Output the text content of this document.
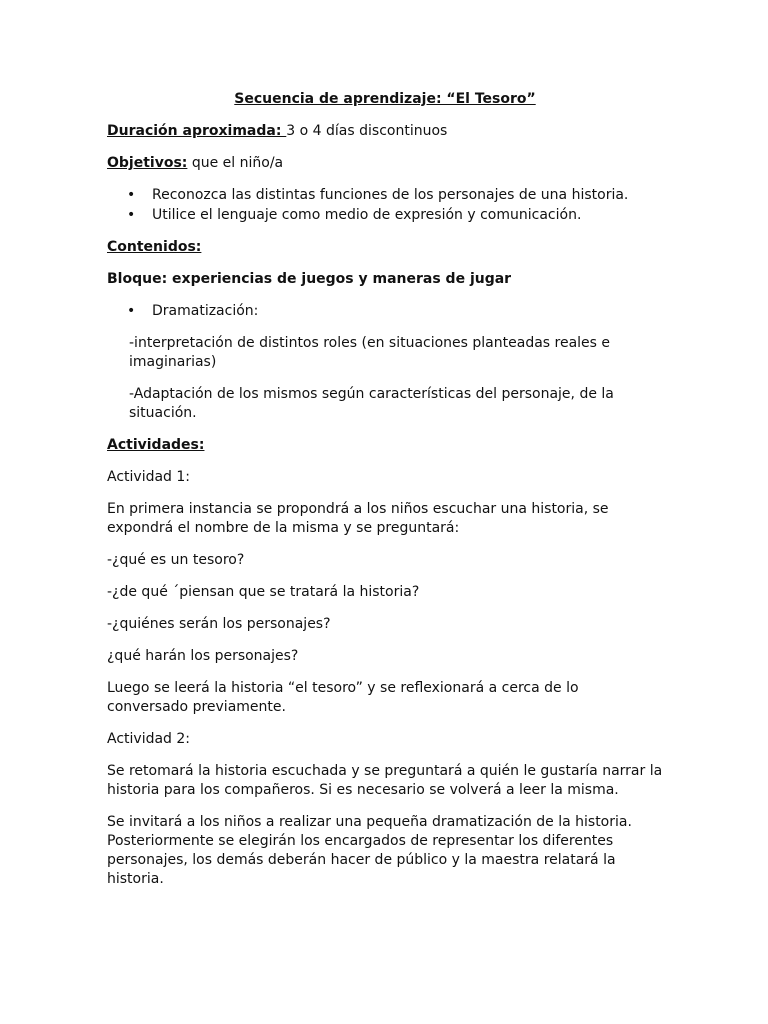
Secuencia de aprendizaje: “El Tesoro”

Duración aproximada: 3 o 4 días discontinuos

Objetivos: que el niño/a

• Reconozca las distintas funciones de los personajes de una historia.
• Utilice el lenguaje como medio de expresión y comunicación.

Contenidos:

Bloque: experiencias de juegos y maneras de jugar

• Dramatización:

-interpretación de distintos roles (en situaciones planteadas reales e imaginarias)

-Adaptación de los mismos según características del personaje, de la situación.

Actividades:

Actividad 1:

En primera instancia se propondrá a los niños escuchar una historia, se expondrá el nombre de la misma y se preguntará:

-¿qué es un tesoro?

-¿de qué ´piensan que se tratará la historia?

-¿quiénes serán los personajes?

¿qué harán los personajes?

Luego se leerá la historia “el tesoro” y se reflexionará a cerca de lo conversado previamente.

Actividad 2:

Se retomará la historia escuchada y se preguntará a quién le gustaría narrar la historia para los compañeros. Si es necesario se volverá a leer la misma.

Se invitará a los niños a realizar una pequeña dramatización de la historia. Posteriormente se elegirán los encargados de representar los diferentes personajes, los demás deberán hacer de público y la maestra relatará la historia.
